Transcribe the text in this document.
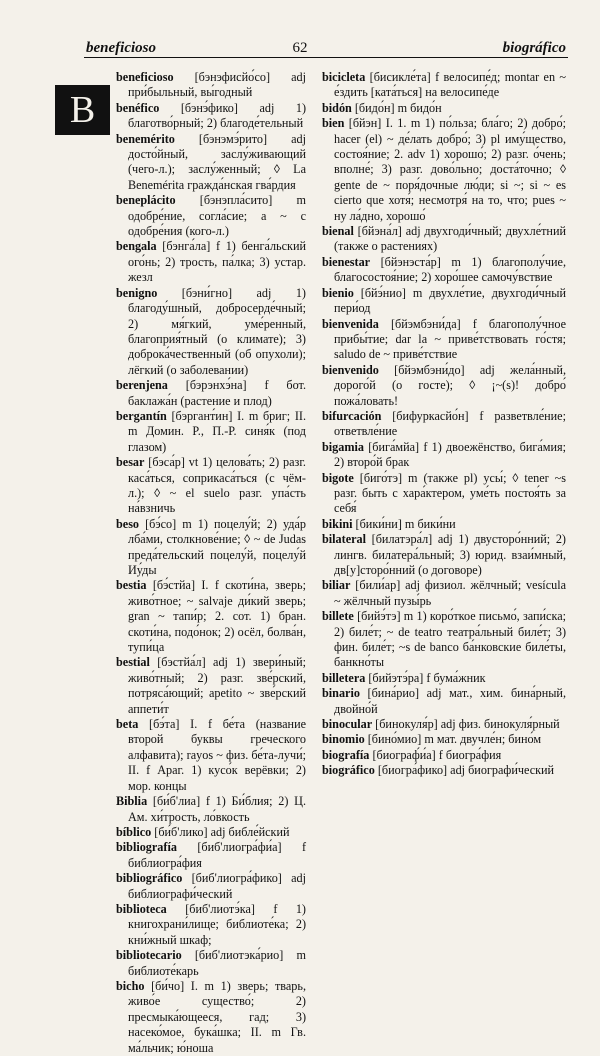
beneficioso	62	biográfico
B

beneficioso [бэнэфисйо́со] adj при́быльный, вы́годный

benéfico [бэнэ́фико] adj 1) благотво́рный; 2) благоде́тельный

benemérito [бэнэмэ́рито] adj досто́йный, заслу́живающий (чего-л.); заслу́женный; ◊ La Benemérita гражда́нская гва́рдия

beneplácito [бэнэпла́сито] m одобре́ние, согла́сие; a ~ с одобре́ния (кого-л.)

bengala [бэнга́ла] f 1) бенга́льский ого́нь; 2) трость, па́лка; 3) устар. жезл

benigno [бэни́гно] adj 1) благоду́шный, добросерде́чный; 2) мя́гкий, уме́ренный, благоприя́тный (о климате); 3) доброка́чественный (об опухоли); лёгкий (о заболевании)

berenjena [бэрэнхэ́на] f бот. баклажа́н (растение и плод)

bergantín [бэргант́ин] I. m бриг; II. m Домин. P., П.-Р. синя́к (под глазом)

besar [бэса́р] vt 1) целова́ть; 2) разг. каса́ться, соприкаса́ться (с чём-л.); ◊ ~ el suelo разг. упа́сть на́взничь

beso [бэ́со] m 1) поцелу́й; 2) уда́р лба́ми, столкнове́ние; ◊ ~ de Judas преда́тельский поцелу́й, поцелу́й Иу́ды

bestia [бэ́стйа] I. f скоти́на, зверь; живо́тное; ~ salvaje ди́кий зверь; gran ~ тапи́р; 2. сот. 1) бран. скоти́на, подо́нок; 2) осёл, болва́н, тупи́ца

bestial [бэстйа́л] adj 1) звери́ный; живо́тный; 2) разг. зве́рский, потряса́ющий; apetito ~ зве́рский аппети́т

beta [бэ́та] I. f бе́та (название второй буквы греческого алфавита); rayos ~ физ. бе́та-лучи́; II. f Араг. 1) кусо́к верёвки; 2) мор. концы

Biblia [би́б'лиа] f 1) Би́блия; 2) Ц. Ам. хи́трость, ло́вкость

bíblico [би́б'лико] adj библе́йский

bibliografía [биб'лиогра́фи́а] f библиогра́фия

bibliográfico [биб'лиогра́фико] adj библиографи́ческий

biblioteca [биб'лиотэ́ка] f 1) книгохрани́лище; библиоте́ка; 2) кни́жный шкаф;

bibliotecario [биб'лиотэка́рио] m библиоте́карь

bicho [би́чо] I. m 1) зверь; тварь, живо́е существо́; 2) пресмыка́ющееся, гад; 3) насеко́мое, бука́шка; II. m Гв. ма́льчик; ю́ноша

bicicleta [бисикле́та] f велосипе́д; montar en ~ е́здить [ката́ться] на велосипе́де

bidón [бидо́н] m бидо́н

bien [бйэн] I. 1. m 1) по́льза; бла́го; 2) добро́; hacer (el) ~ де́лать добро́; 3) pl иму́щество, состоя́ние; 2. adv 1) хорошо́; 2) разг. о́чень; вполне́; 3) разг. дово́льно; доста́точно; ◊ gente de ~ поря́дочные лю́ди; si ~; si ~ es cierto que хотя́; несмотря́ на то, что; pues ~ ну ла́дно, хорошо́

bienal [бйэна́л] adj двухгоди́чный; двухле́тний (также о растениях)

bienestar [бйэнэста́р] m 1) благополу́чие, благосостоя́ние; 2) хоро́шее самочу́вствие

bienio [бйэ́нио] m двухле́тие, двухгоди́чный пери́од

bienvenida [бйэмбэни́да] f благополу́чное прибы́тие; dar la ~ приве́тствовать го́стя; saludo de ~ приве́тствие

bienvenido [бйэмбэни́до] adj жела́нный, дорого́й (о госте); ◊ ¡~(s)! добро́ пожа́ловать!

bifurcación [бифуркасйо́н] f разветвле́ние; ответвле́ние

bigamia [бига́мйа] f 1) двоежёнство, бига́мия; 2) второ́й брак

bigote [биго́тэ] m (также pl) усы́; ◊ tener ~s разг. быть с хара́ктером, уме́ть постоя́ть за себя́

bikini [бики́ни] m бики́ни

bilateral [билатэра́л] adj 1) двусторо́нний; 2) лингв. билатера́льный; 3) юрид. взаи́мный, дв[у]сторо́нний (о договоре)

biliar [били́ар] adj физиол. жёлчный; vesícula ~ жёлчный пузы́рь

billete [бийэ́тэ] m 1) коро́ткое письмо́, запи́ска; 2) биле́т; ~ de teatro театра́льный биле́т; 3) фин. биле́т; ~s de banco ба́нковские биле́ты, банкно́ты

billetera [бийэтэ́ра] f бума́жник

binario [бина́рио] adj мат., хим. бина́рный, двойно́й

binocular [бинокуля́р] adj физ. бинокуля́рный

binomio [бино́мио] m мат. двучле́н; бино́м

biografía [биограф́и́а] f биогра́фия

biográfico [биогра́фико] adj биографи́ческий
